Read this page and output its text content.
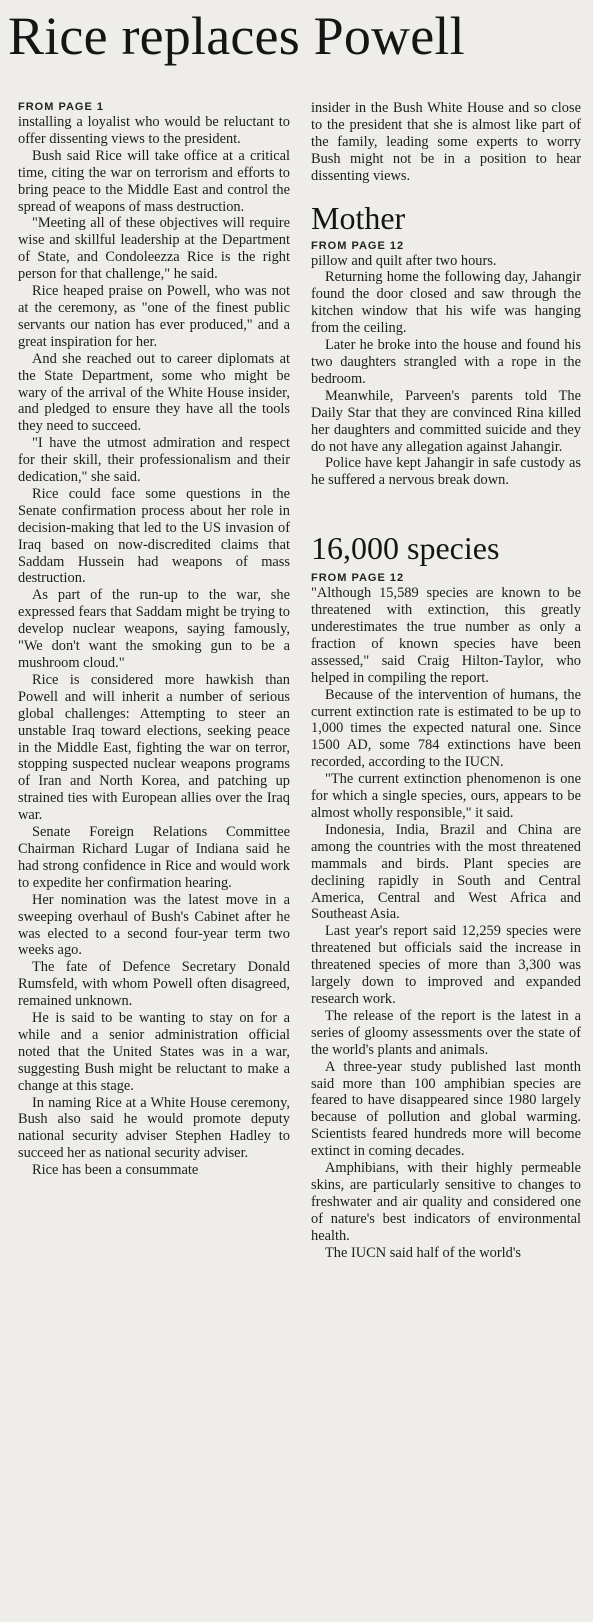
Rice replaces Powell
FROM PAGE 1

installing a loyalist who would be reluctant to offer dissenting views to the president.

Bush said Rice will take office at a critical time, citing the war on terrorism and efforts to bring peace to the Middle East and control the spread of weapons of mass destruction.

"Meeting all of these objectives will require wise and skillful leadership at the Department of State, and Condoleezza Rice is the right person for that challenge," he said.

Rice heaped praise on Powell, who was not at the ceremony, as "one of the finest public servants our nation has ever produced," and a great inspiration for her.

And she reached out to career diplomats at the State Department, some who might be wary of the arrival of the White House insider, and pledged to ensure they have all the tools they need to succeed.

"I have the utmost admiration and respect for their skill, their professionalism and their dedication," she said.

Rice could face some questions in the Senate confirmation process about her role in decision-making that led to the US invasion of Iraq based on now-discredited claims that Saddam Hussein had weapons of mass destruction.

As part of the run-up to the war, she expressed fears that Saddam might be trying to develop nuclear weapons, saying famously, "We don't want the smoking gun to be a mushroom cloud."

Rice is considered more hawkish than Powell and will inherit a number of serious global challenges: Attempting to steer an unstable Iraq toward elections, seeking peace in the Middle East, fighting the war on terror, stopping suspected nuclear weapons programs of Iran and North Korea, and patching up strained ties with European allies over the Iraq war.

Senate Foreign Relations Committee Chairman Richard Lugar of Indiana said he had strong confidence in Rice and would work to expedite her confirmation hearing.

Her nomination was the latest move in a sweeping overhaul of Bush's Cabinet after he was elected to a second four-year term two weeks ago.

The fate of Defence Secretary Donald Rumsfeld, with whom Powell often disagreed, remained unknown.

He is said to be wanting to stay on for a while and a senior administration official noted that the United States was in a war, suggesting Bush might be reluctant to make a change at this stage.

In naming Rice at a White House ceremony, Bush also said he would promote deputy national security adviser Stephen Hadley to succeed her as national security adviser.

Rice has been a consummate

insider in the Bush White House and so close to the president that she is almost like part of the family, leading some experts to worry Bush might not be in a position to hear dissenting views.

Mother
FROM PAGE 12

pillow and quilt after two hours.

Returning home the following day, Jahangir found the door closed and saw through the kitchen window that his wife was hanging from the ceiling.

Later he broke into the house and found his two daughters strangled with a rope in the bedroom.

Meanwhile, Parveen's parents told The Daily Star that they are convinced Rina killed her daughters and committed suicide and they do not have any allegation against Jahangir.

Police have kept Jahangir in safe custody as he suffered a nervous break down.

16,000 species
FROM PAGE 12

"Although 15,589 species are known to be threatened with extinction, this greatly underestimates the true number as only a fraction of known species have been assessed," said Craig Hilton-Taylor, who helped in compiling the report.

Because of the intervention of humans, the current extinction rate is estimated to be up to 1,000 times the expected natural one. Since 1500 AD, some 784 extinctions have been recorded, according to the IUCN.

"The current extinction phenomenon is one for which a single species, ours, appears to be almost wholly responsible," it said.

Indonesia, India, Brazil and China are among the countries with the most threatened mammals and birds. Plant species are declining rapidly in South and Central America, Central and West Africa and Southeast Asia.

Last year's report said 12,259 species were threatened but officials said the increase in threatened species of more than 3,300 was largely down to improved and expanded research work.

The release of the report is the latest in a series of gloomy assessments over the state of the world's plants and animals.

A three-year study published last month said more than 100 amphibian species are feared to have disappeared since 1980 largely because of pollution and global warming. Scientists feared hundreds more will become extinct in coming decades.

Amphibians, with their highly permeable skins, are particularly sensitive to changes to freshwater and air quality and considered one of nature's best indicators of environmental health.

The IUCN said half of the world's
